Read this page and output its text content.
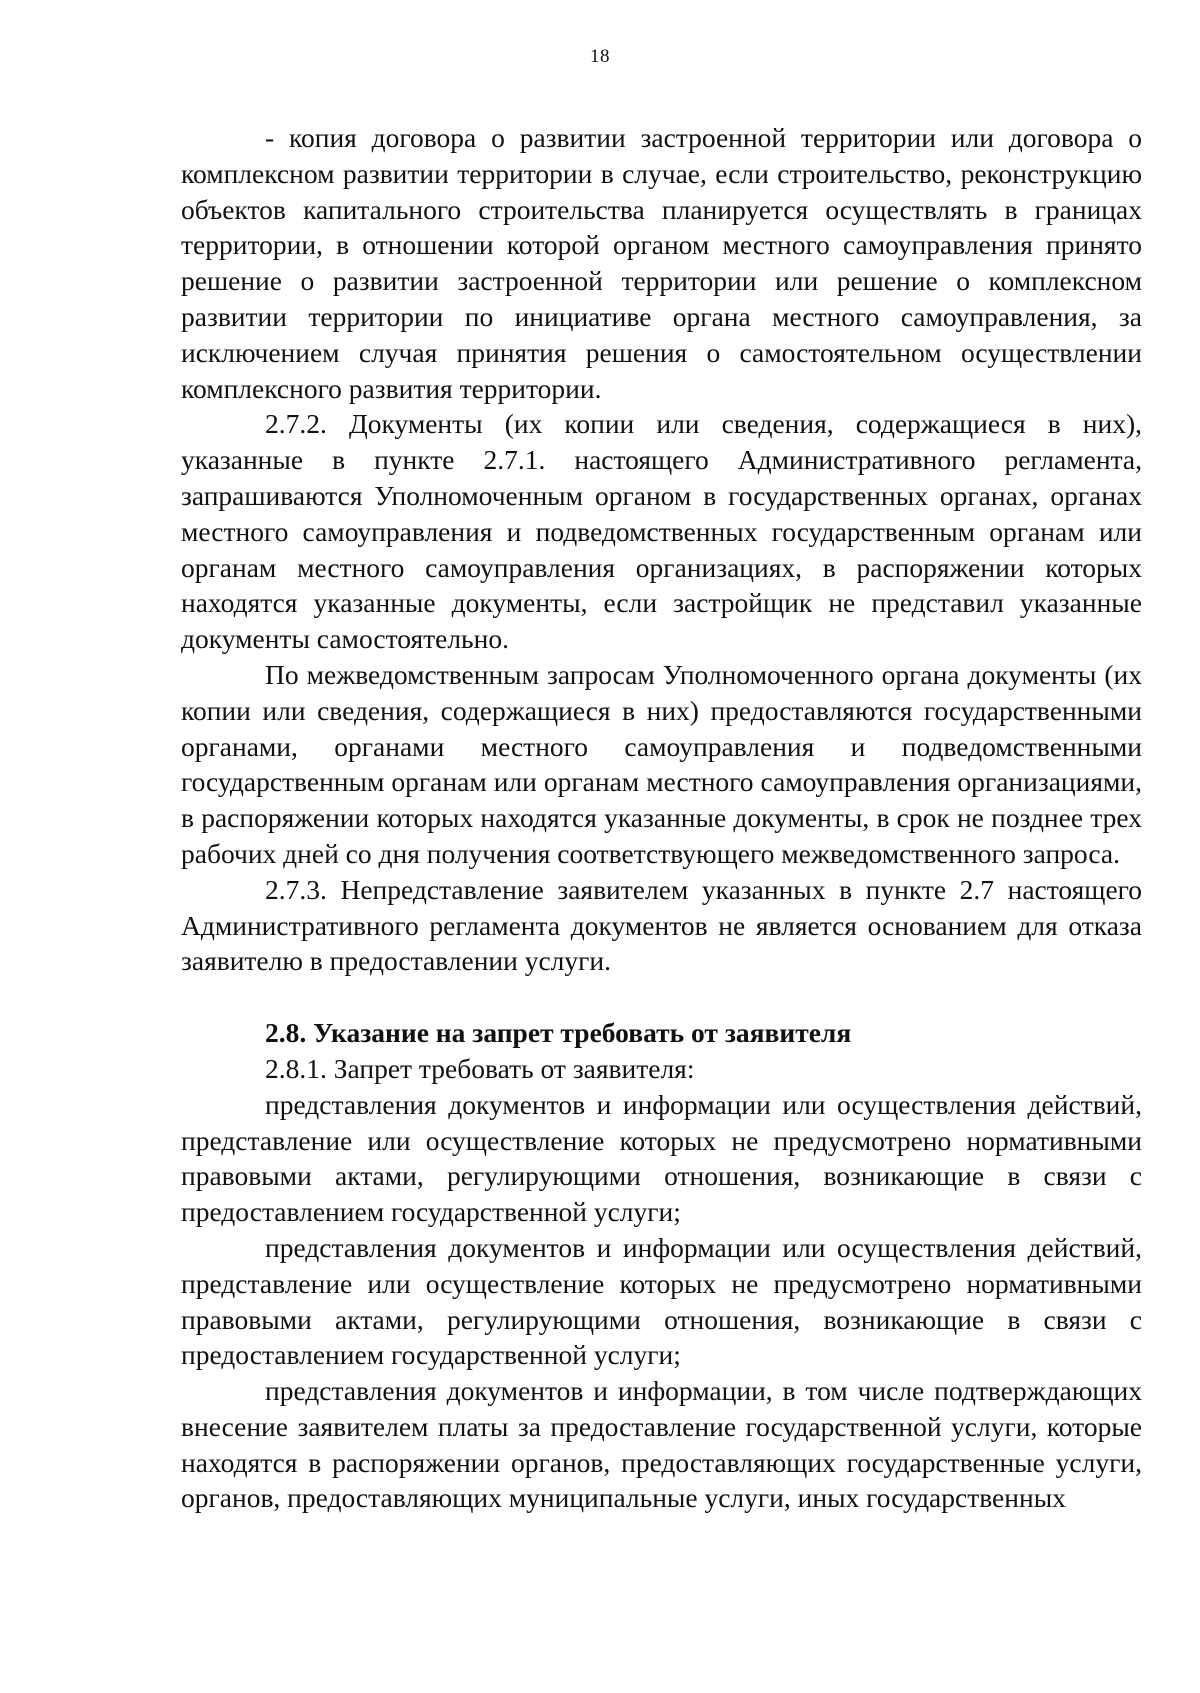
18

- копия договора о развитии застроенной территории или договора о комплексном развитии территории в случае, если строительство, реконструкцию объектов капитального строительства планируется осуществлять в границах территории, в отношении которой органом местного самоуправления принято решение о развитии застроенной территории или решение о комплексном развитии территории по инициативе органа местного самоуправления, за исключением случая принятия решения о самостоятельном осуществлении комплексного развития территории.

2.7.2. Документы (их копии или сведения, содержащиеся в них), указанные в пункте 2.7.1. настоящего Административного регламента, запрашиваются Уполномоченным органом в государственных органах, органах местного самоуправления и подведомственных государственным органам или органам местного самоуправления организациях, в распоряжении которых находятся указанные документы, если застройщик не представил указанные документы самостоятельно.

По межведомственным запросам Уполномоченного органа документы (их копии или сведения, содержащиеся в них) предоставляются государственными органами, органами местного самоуправления и подведомственными государственным органам или органам местного самоуправления организациями, в распоряжении которых находятся указанные документы, в срок не позднее трех рабочих дней со дня получения соответствующего межведомственного запроса.

2.7.3. Непредставление заявителем указанных в пункте 2.7 настоящего Административного регламента документов не является основанием для отказа заявителю в предоставлении услуги.

2.8. Указание на запрет требовать от заявителя

2.8.1. Запрет требовать от заявителя:

представления документов и информации или осуществления действий, представление или осуществление которых не предусмотрено нормативными правовыми актами, регулирующими отношения, возникающие в связи с предоставлением государственной услуги;

представления документов и информации или осуществления действий, представление или осуществление которых не предусмотрено нормативными правовыми актами, регулирующими отношения, возникающие в связи с предоставлением государственной услуги;

представления документов и информации, в том числе подтверждающих внесение заявителем платы за предоставление государственной услуги, которые находятся в распоряжении органов, предоставляющих государственные услуги, органов, предоставляющих муниципальные услуги, иных государственных
